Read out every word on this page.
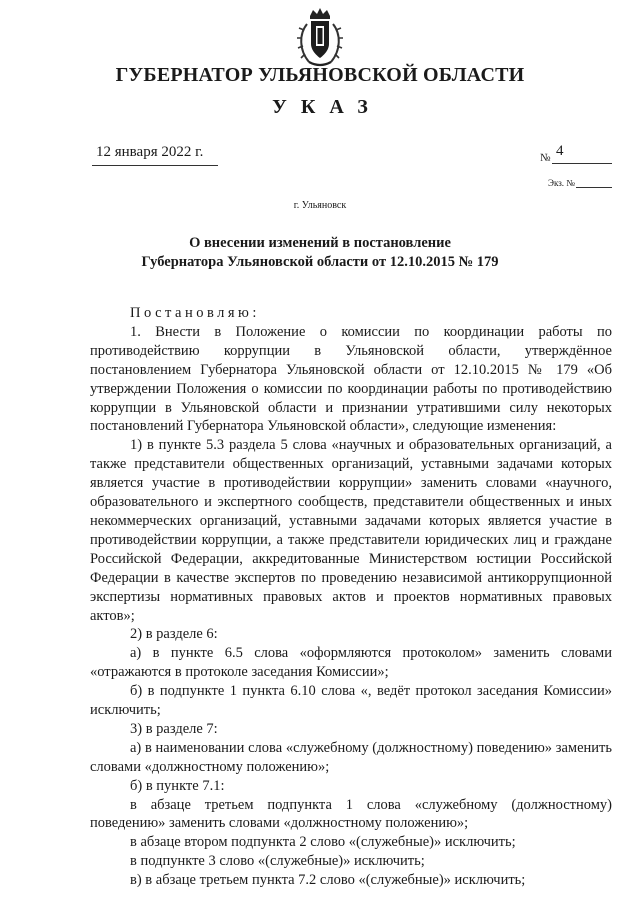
ГУБЕРНАТОР УЛЬЯНОВСКОЙ ОБЛАСТИ
УКАЗ
12 января 2022 г.	№ 4
Экз. №
г. Ульяновск
О внесении изменений в постановление
Губернатора Ульяновской области от 12.10.2015 № 179

Постановляю:

1. Внести в Положение о комиссии по координации работы по противодействию коррупции в Ульяновской области, утверждённое постановлением Губернатора Ульяновской области от 12.10.2015 № 179 «Об утверждении Положения о комиссии по координации работы по противодействию коррупции в Ульяновской области и признании утратившими силу некоторых постановлений Губернатора Ульяновской области», следующие изменения:

1) в пункте 5.3 раздела 5 слова «научных и образовательных организаций, а также представители общественных организаций, уставными задачами которых является участие в противодействии коррупции» заменить словами «научного, образовательного и экспертного сообществ, представители общественных и иных некоммерческих организаций, уставными задачами которых является участие в противодействии коррупции, а также представители юридических лиц и граждане Российской Федерации, аккредитованные Министерством юстиции Российской Федерации в качестве экспертов по проведению независимой антикоррупционной экспертизы нормативных правовых актов и проектов нормативных правовых актов»;

2) в разделе 6:

а) в пункте 6.5 слова «оформляются протоколом» заменить словами «отражаются в протоколе заседания Комиссии»;

б) в подпункте 1 пункта 6.10 слова «, ведёт протокол заседания Комиссии» исключить;

3) в разделе 7:

а) в наименовании слова «служебному (должностному) поведению» заменить словами «должностному положению»;

б) в пункте 7.1:

в абзаце третьем подпункта 1 слова «служебному (должностному) поведению» заменить словами «должностному положению»;

в абзаце втором подпункта 2 слово «(служебные)» исключить;

в подпункте 3 слово «(служебные)» исключить;

в) в абзаце третьем пункта 7.2 слово «(служебные)» исключить;
